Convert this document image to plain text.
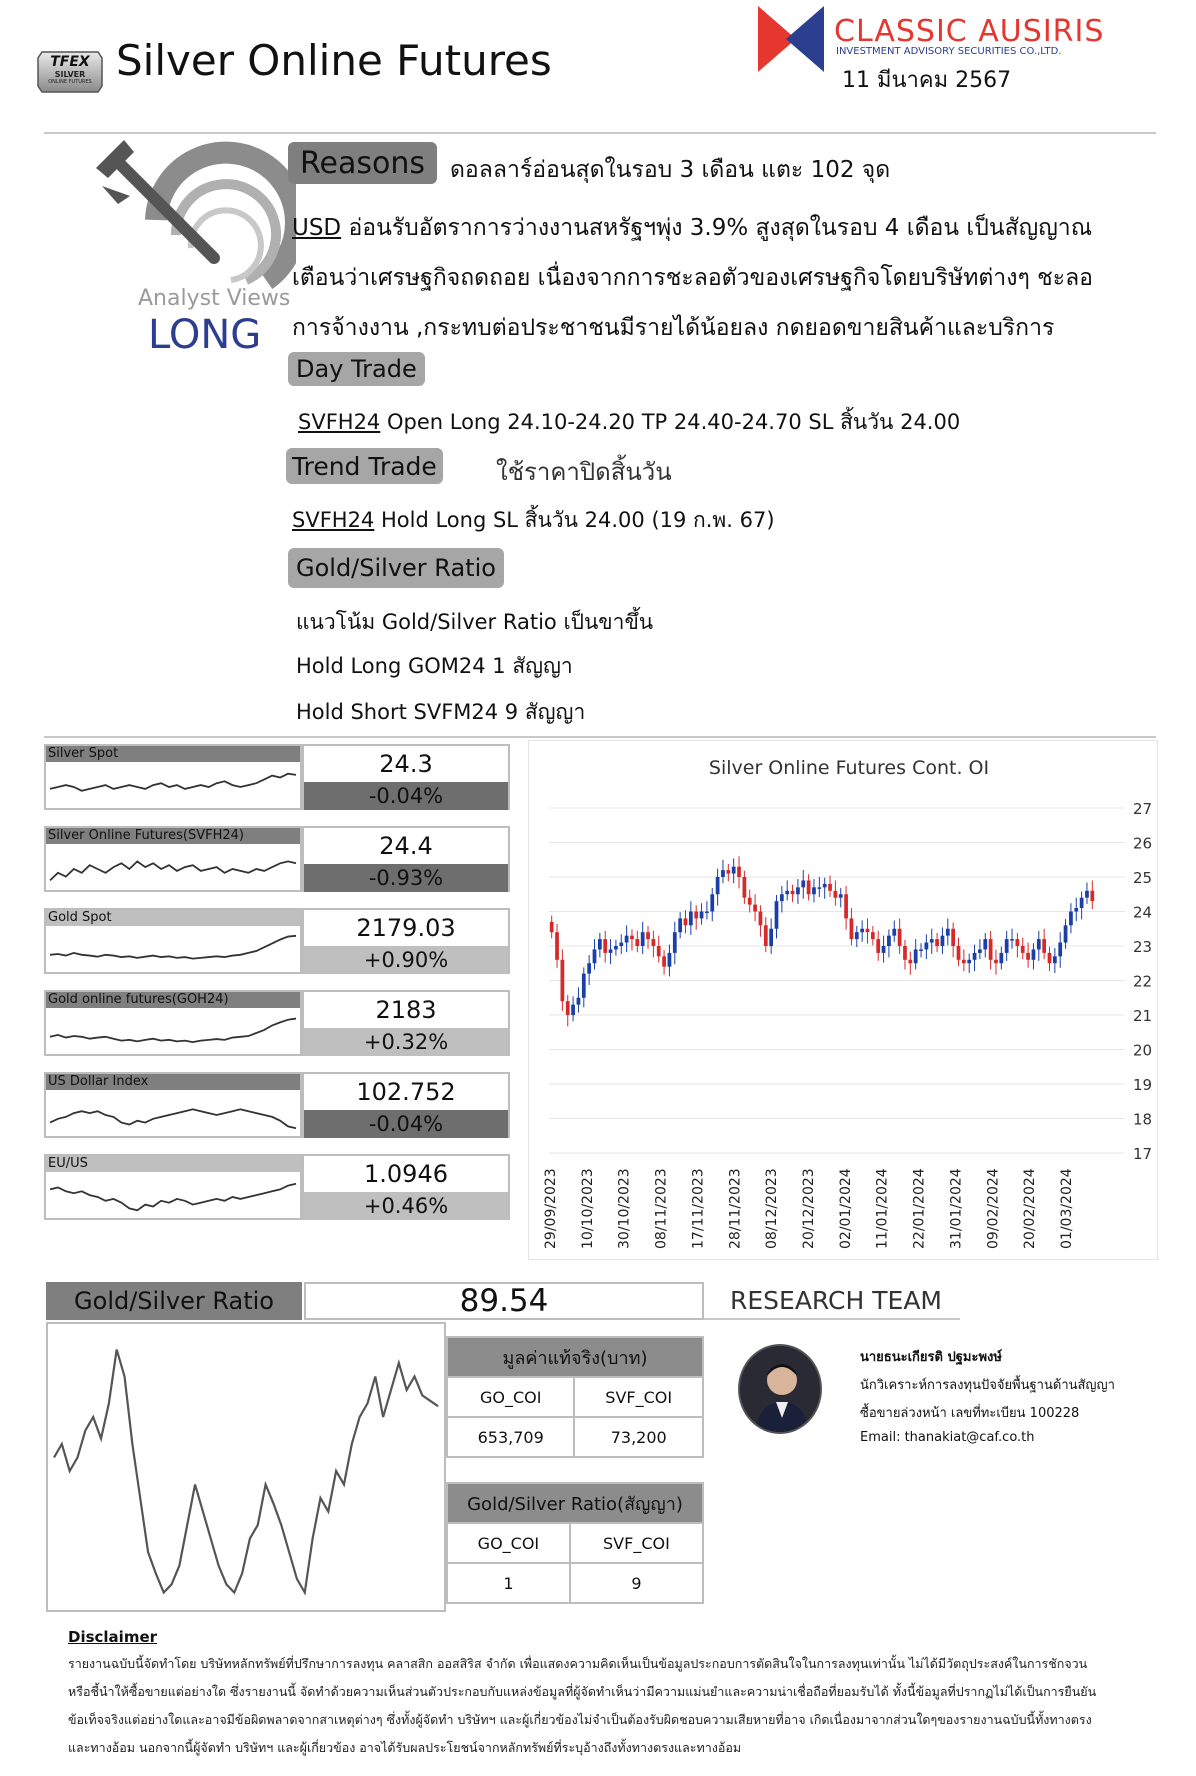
TFEX
SILVER
ONLINE FUTURES Silver Online Futures
CLASSIC AUSIRIS
INVESTMENT ADVISORY SECURITIES CO.,LTD.
11 มีนาคม 2567
Analyst Views
LONG
Reasons	ดอลลาร์อ่อนสุดในรอบ 3 เดือน แตะ 102 จุด
USD อ่อนรับอัตราการว่างงานสหรัฐฯพุ่ง 3.9% สูงสุดในรอบ 4 เดือน เป็นสัญญาณ
เตือนว่าเศรษฐกิจถดถอย เนื่องจากการชะลอตัวของเศรษฐกิจโดยบริษัทต่างๆ ชะลอ
การจ้างงาน ,กระทบต่อประชาชนมีรายได้น้อยลง กดยอดขายสินค้าและบริการ
Day Trade
SVFH24 Open Long 24.10-24.20 TP 24.40-24.70 SL สิ้นวัน 24.00
Trend Trade ใช้ราคาปิดสิ้นวัน
SVFH24 Hold Long SL สิ้นวัน 24.00 (19 ก.พ. 67)
Gold/Silver Ratio
แนวโน้ม Gold/Silver Ratio เป็นขาขึ้น
Hold Long GOM24 1 สัญญา
Hold Short SVFM24 9 สัญญา
Silver Spot	24.3
-0.04%
Silver Online Futures(SVFH24)	24.4
-0.93%
Gold Spot	2179.03
+0.90%
Gold online futures(GOH24)	2183
+0.32%
US Dollar Index	102.752
-0.04%
EU/US	1.0946
+0.46%
Silver Online Futures Cont. OI
27
26
25
24
23
22
21
20
19
18
17
29/09/2023 10/10/2023 30/10/2023 08/11/2023 17/11/2023 28/11/2023 08/12/2023 20/12/2023 02/01/2024 11/01/2024 22/01/2024 31/01/2024 09/02/2024 20/02/2024 01/03/2024
Gold/Silver Ratio	89.54
มูลค่าแท้จริง(บาท)	
GO_COI	SVF_COI
653,709	73,200
Gold/Silver Ratio(สัญญา)	
GO_COI	SVF_COI
1	9
RESEARCH TEAM
นายธนะเกียรติ ปฐมะพงษ์
นักวิเคราะห์การลงทุนปัจจัยพื้นฐานด้านสัญญา
ซื้อขายล่วงหน้า เลขที่ทะเบียน 100228
Email: thanakiat@caf.co.th
Disclaimer
รายงานฉบับนี้จัดทำโดย บริษัทหลักทรัพย์ที่ปรึกษาการลงทุน คลาสสิก ออสสิริส จำกัด เพื่อแสดงความคิดเห็นเป็นข้อมูลประกอบการตัดสินใจในการลงทุนเท่านั้น ไม่ได้มีวัตถุประสงค์ในการชักจวน
หรือชี้นำให้ซื้อขายแต่อย่างใด ซึ่งรายงานนี้ จัดทำด้วยความเห็นส่วนตัวประกอบกับแหล่งข้อมูลที่ผู้จัดทำเห็นว่ามีความแม่นยำและความน่าเชื่อถือที่ยอมรับได้ ทั้งนี้ข้อมูลที่ปรากฏไม่ได้เป็นการยืนยัน
ข้อเท็จจริงแต่อย่างใดและอาจมีข้อผิดพลาดจากสาเหตุต่างๆ ซึ่งทั้งผู้จัดทำ บริษัทฯ และผู้เกี่ยวข้องไม่จำเป็นต้องรับผิดชอบความเสียหายที่อาจ เกิดเนื่องมาจากส่วนใดๆของรายงานฉบับนี้ทั้งทางตรง
และทางอ้อม นอกจากนี้ผู้จัดทำ บริษัทฯ และผู้เกี่ยวข้อง อาจได้รับผลประโยชน์จากหลักทรัพย์ที่ระบุอ้างถึงทั้งทางตรงและทางอ้อม
